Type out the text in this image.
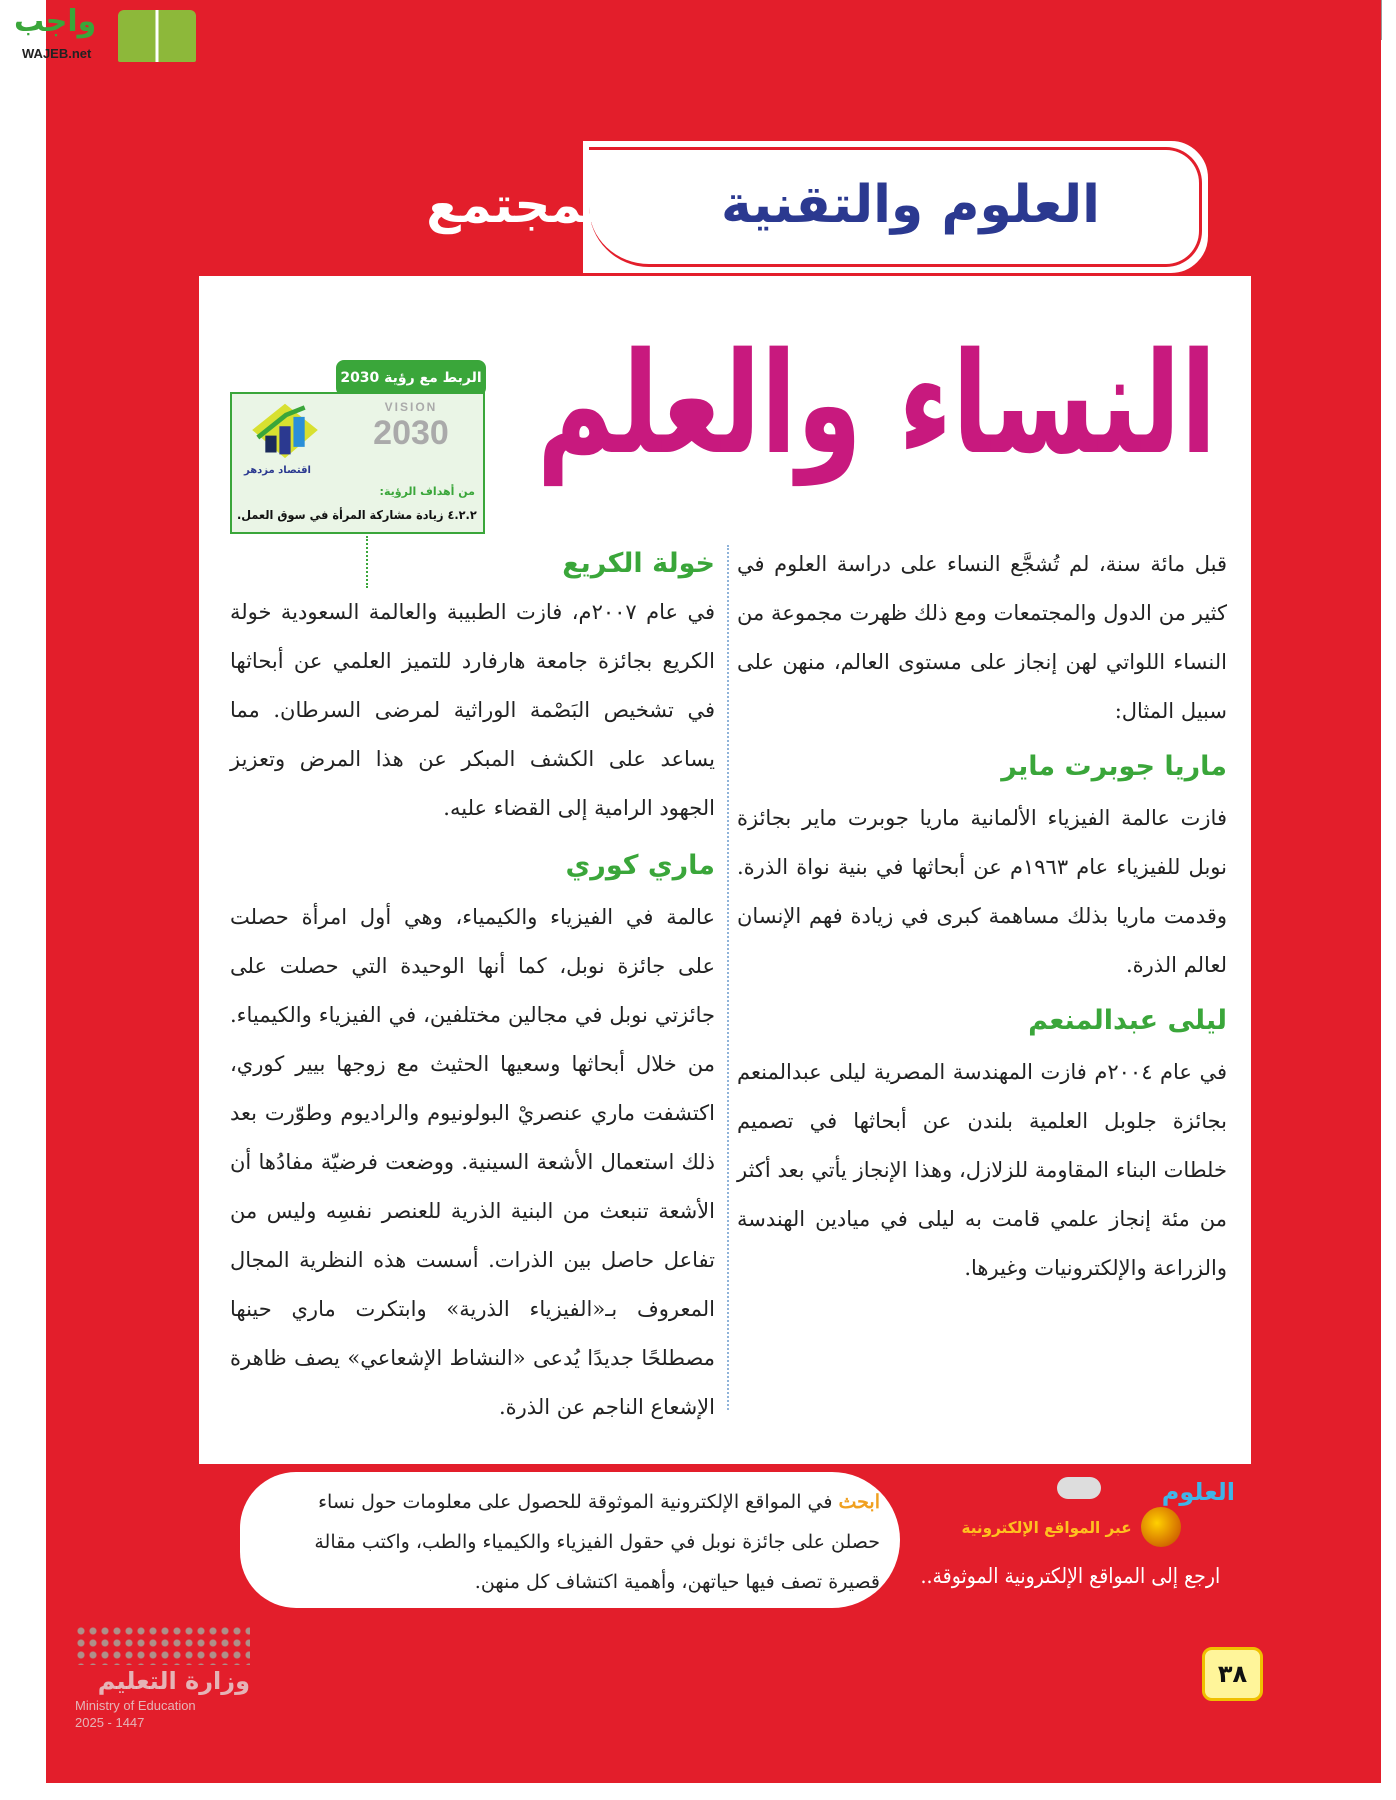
واجب
WAJEB.net
العلوم والتقنية
والمجتمع
النساء والعلم
الربط مع رؤية 2030
اقتصاد مزدهر
VISION
2030
من أهداف الرؤية:
٤.٢.٢ زيادة مشاركة المرأة في سوق العمل.

قبل مائة سنة، لم تُشجَّع النساء على دراسة العلوم في كثير من الدول والمجتمعات ومع ذلك ظهرت مجموعة من النساء اللواتي لهن إنجاز على مستوى العالم، منهن على سبيل المثال:

ماريا جوبرت ماير

فازت عالمة الفيزياء الألمانية ماريا جوبرت ماير بجائزة نوبل للفيزياء عام ١٩٦٣م عن أبحاثها في بنية نواة الذرة. وقدمت ماريا بذلك مساهمة كبرى في زيادة فهم الإنسان لعالم الذرة.

ليلى عبدالمنعم

في عام ٢٠٠٤م فازت المهندسة المصرية ليلى عبدالمنعم بجائزة جلوبل العلمية بلندن عن أبحاثها في تصميم خلطات البناء المقاومة للزلازل، وهذا الإنجاز يأتي بعد أكثر من مئة إنجاز علمي قامت به ليلى في ميادين الهندسة والزراعة والإلكترونيات وغيرها.

خولة الكريع

في عام ٢٠٠٧م، فازت الطبيبة والعالمة السعودية خولة الكريع بجائزة جامعة هارفارد للتميز العلمي عن أبحاثها في تشخيص البَصْمة الوراثية لمرضى السرطان. مما يساعد على الكشف المبكر عن هذا المرض وتعزيز الجهود الرامية إلى القضاء عليه.

ماري كوري

عالمة في الفيزياء والكيمياء، وهي أول امرأة حصلت على جائزة نوبل، كما أنها الوحيدة التي حصلت على جائزتي نوبل في مجالين مختلفين، في الفيزياء والكيمياء. من خلال أبحاثها وسعيها الحثيث مع زوجها بيير كوري، اكتشفت ماري عنصريْ البولونيوم والراديوم وطوّرت بعد ذلك استعمال الأشعة السينية. ووضعت فرضيّة مفادُها أن الأشعة تنبعث من البنية الذرية للعنصر نفسِه وليس من تفاعل حاصل بين الذرات. أسست هذه النظرية المجال المعروف بـ«الفيزياء الذرية» وابتكرت ماري حينها مصطلحًا جديدًا يُدعى «النشاط الإشعاعي» يصف ظاهرة الإشعاع الناجم عن الذرة.

ابحث في المواقع الإلكترونية الموثوقة للحصول على معلومات حول نساء حصلن على جائزة نوبل في حقول الفيزياء والكيمياء والطب، واكتب مقالة قصيرة تصف فيها حياتهن، وأهمية اكتشاف كل منهن.

العلوم
عبر المواقع الإلكترونية
ارجع إلى المواقع الإلكترونية الموثوقة..
وزارة التعليم
Ministry of Education
2025 - 1447
٣٨
